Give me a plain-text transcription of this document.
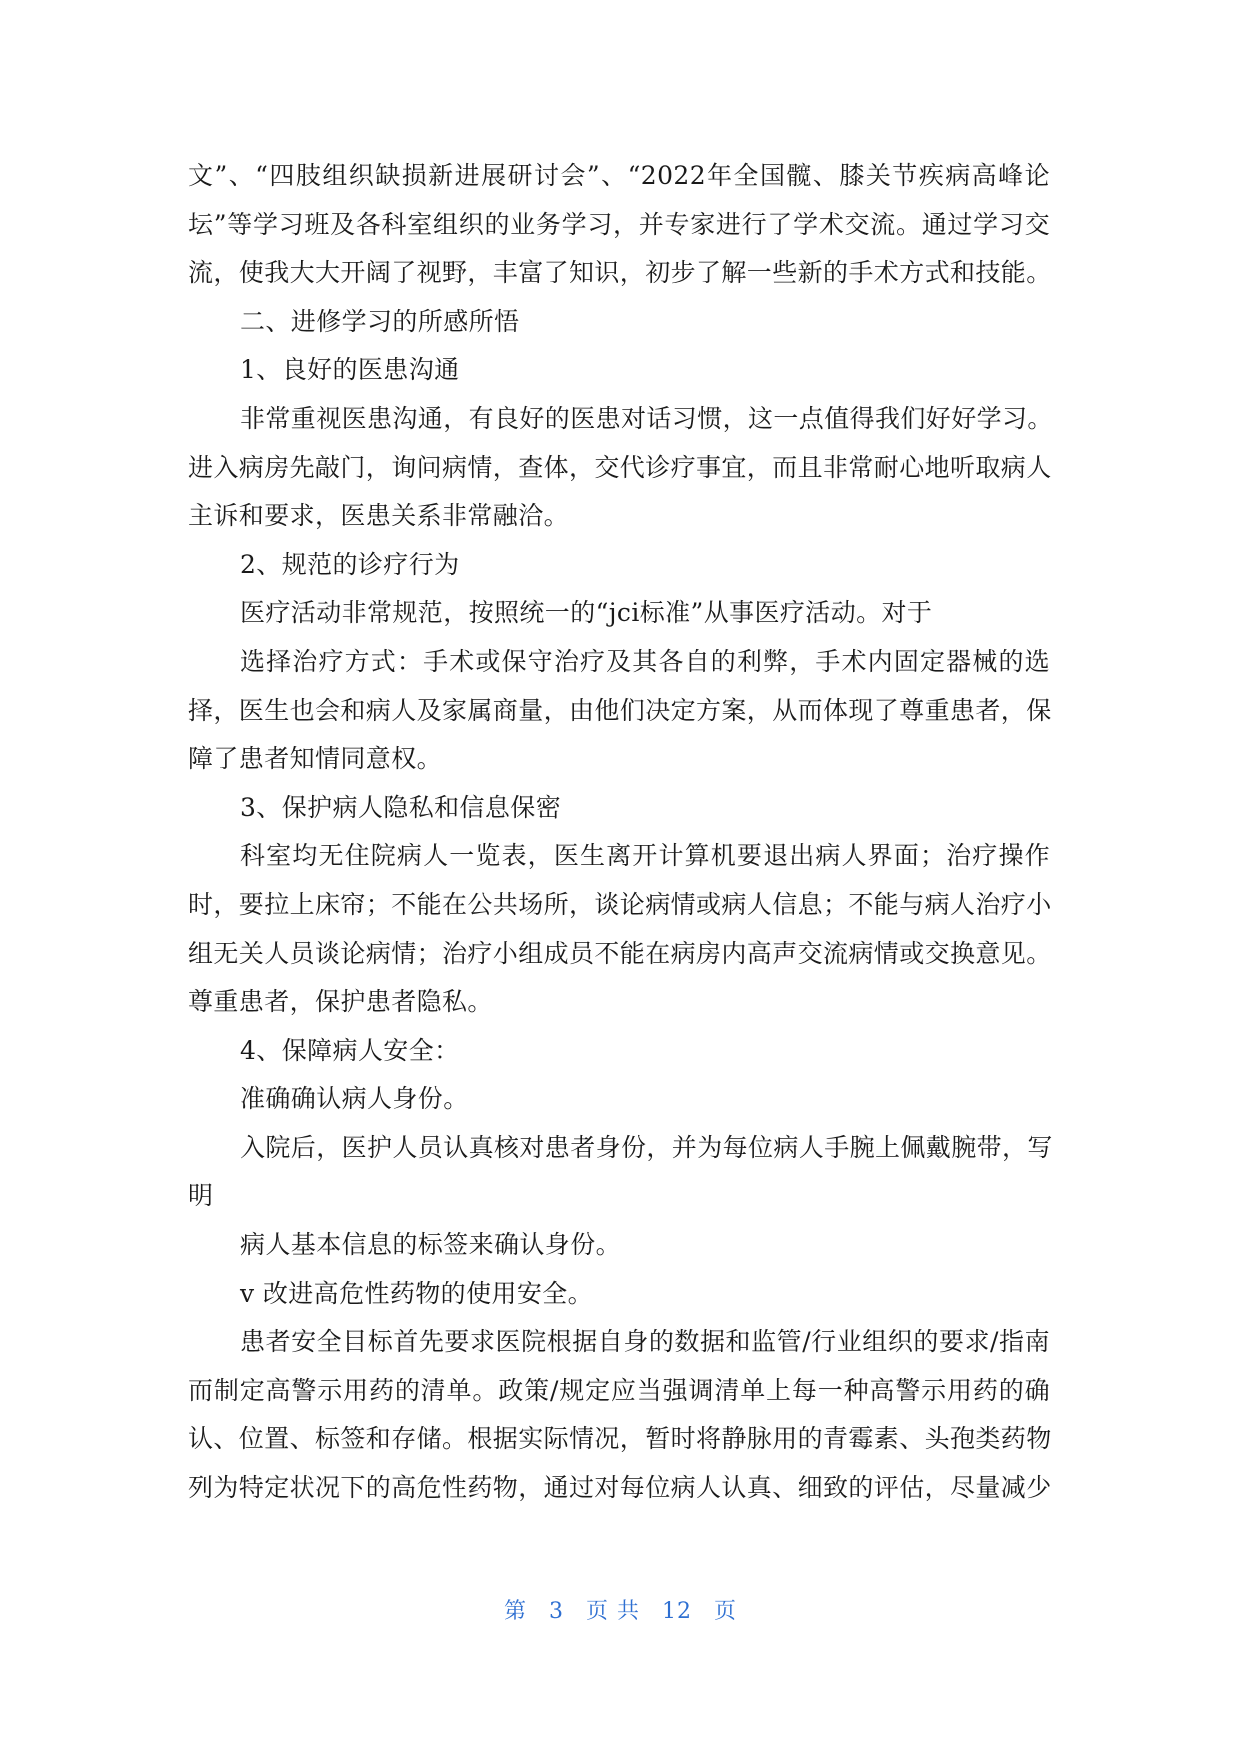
文”、“四肢组织缺损新进展研讨会”、“2022年全国髋、膝关节疾病高峰论
坛”等学习班及各科室组织的业务学习，并专家进行了学术交流。通过学习交
流，使我大大开阔了视野，丰富了知识，初步了解一些新的手术方式和技能。
二、进修学习的所感所悟
1、良好的医患沟通
非常重视医患沟通，有良好的医患对话习惯，这一点值得我们好好学习。
进入病房先敲门，询问病情，查体，交代诊疗事宜，而且非常耐心地听取病人
主诉和要求，医患关系非常融洽。
2、规范的诊疗行为
医疗活动非常规范，按照统一的“jci标准”从事医疗活动。对于
选择治疗方式：手术或保守治疗及其各自的利弊，手术内固定器械的选
择，医生也会和病人及家属商量，由他们决定方案，从而体现了尊重患者，保
障了患者知情同意权。
3、保护病人隐私和信息保密
科室均无住院病人一览表，医生离开计算机要退出病人界面；治疗操作
时，要拉上床帘；不能在公共场所，谈论病情或病人信息；不能与病人治疗小
组无关人员谈论病情；治疗小组成员不能在病房内高声交流病情或交换意见。
尊重患者，保护患者隐私。
4、保障病人安全：
准确确认病人身份。
入院后，医护人员认真核对患者身份，并为每位病人手腕上佩戴腕带，写
明
病人基本信息的标签来确认身份。
v 改进高危性药物的使用安全。
患者安全目标首先要求医院根据自身的数据和监管/行业组织的要求/指南
而制定高警示用药的清单。政策/规定应当强调清单上每一种高警示用药的确
认、位置、标签和存储。根据实际情况，暂时将静脉用的青霉素、头孢类药物
列为特定状况下的高危性药物，通过对每位病人认真、细致的评估，尽量减少
第 3 页 共 12 页
